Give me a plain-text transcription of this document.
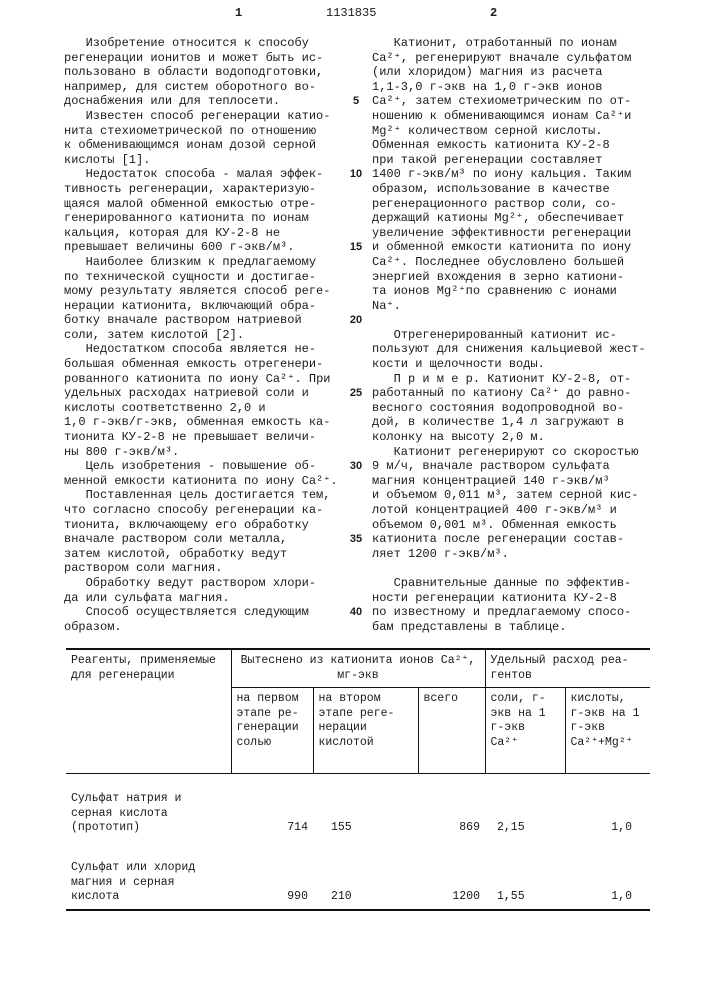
1	1131835	2
Изобретение относится к способу
регенерации ионитов и может быть ис-
пользовано в области водоподготовки,
например, для систем оборотного во-
доснабжения или для теплосети.
Известен способ регенерации катио-
нита стехиометрической по отношению
к обменивающимся ионам дозой серной
кислоты [1].
Недостаток способа - малая эффек-
тивность регенерации, характеризую-
щаяся малой обменной емкостью отре-
генерированного катионита по ионам
кальция, которая для КУ-2-8 не
превышает величины 600 г-экв/м³.
Наиболее близким к предлагаемому
по технической сущности и достигае-
мому результату является способ реге-
нерации катионита, включающий обра-
ботку вначале раствором натриевой
соли, затем кислотой [2].
Недостатком способа является не-
большая обменная емкость отрегенери-
рованного катионита по иону Ca²⁺. При
удельных расходах натриевой соли и
кислоты соответственно 2,0 и
1,0 г-экв/г-экв, обменная емкость ка-
тионита КУ-2-8 не превышает величи-
ны 800 г-экв/м³.
Цель изобретения - повышение об-
менной емкости катионита по иону Ca²⁺.
Поставленная цель достигается тем,
что согласно способу регенерации ка-
тионита, включающему его обработку
вначале раствором соли металла,
затем кислотой, обработку ведут
раствором соли магния.
Обработку ведут раствором хлори-
да или сульфата магния.
Способ осуществляется следующим
образом.
5
10
15
20
25
30
35
40
Катионит, отработанный по ионам
Ca²⁺, регенерируют вначале сульфатом
(или хлоридом) магния из расчета
1,1-3,0 г-экв на 1,0 г-экв ионов
Ca²⁺, затем стехиометрическим по от-
ношению к обменивающимся ионам Ca²⁺и
Mg²⁺ количеством серной кислоты.
Обменная емкость катионита КУ-2-8
при такой регенерации составляет
1400 г-экв/м³ по иону кальция. Таким
образом, использование в качестве
регенерационного раствор соли, со-
держащий катионы Mg²⁺, обеспечивает
увеличение эффективности регенерации
и обменной емкости катионита по иону
Ca²⁺. Последнее обусловлено большей
энергией вхождения в зерно катиони-
та ионов Mg²⁺по сравнению с ионами
Na⁺.
Отрегенерированный катионит ис-
пользуют для снижения кальциевой жест-
кости и щелочности воды.
П р и м е р. Катионит КУ-2-8, от-
работанный по катиону Ca²⁺ до равно-
весного состояния водопроводной во-
дой, в количестве 1,4 л загружают в
колонку на высоту 2,0 м.
Катионит регенерируют со скоростью
9 м/ч, вначале раствором сульфата
магния концентрацией 140 г-экв/м³
и объемом 0,011 м³, затем серной кис-
лотой концентрацией 400 г-экв/м³ и
объемом 0,001 м³. Обменная емкость
катионита после регенерации состав-
ляет 1200 г-экв/м³.
Сравнительные данные по эффектив-
ности регенерации катионита КУ-2-8
по известному и предлагаемому спосо-
бам представлены в таблице.
Реагенты, применяемые для регенерации	Вытеснено из катионита ионов Ca²⁺, мг-экв	Удельный расход реа-гентов
на первом этапе ре-генерации солью	на втором этапе реге-нерации кислотой	всего	соли, г-экв на 1 г-экв Ca²⁺	кислоты, г-экв на 1 г-экв Ca²⁺+Mg²⁺
Сульфат натрия и серная кислота (прототип)	714	155	869	2,15	1,0
Сульфат или хлорид магния и серная кислота	990	210	1200	1,55	1,0
